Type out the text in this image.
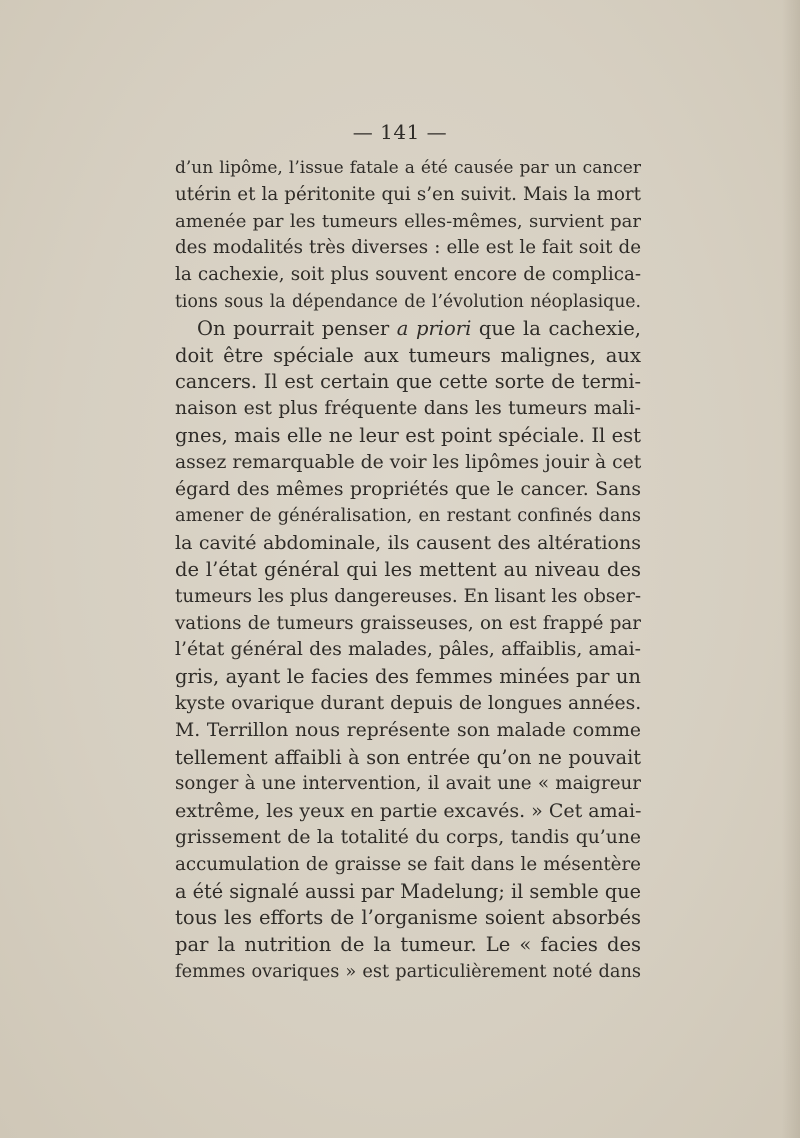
— 141 —
d’un lipôme, l’issue fatale a été causée par un cancer
utérin et la péritonite qui s’en suivit. Mais la mort
amenée par les tumeurs elles-mêmes, survient par
des modalités très diverses : elle est le fait soit de
la cachexie, soit plus souvent encore de complica-
tions sous la dépendance de l’évolution néoplasique.
On pourrait penser a priori que la cachexie,
doit être spéciale aux tumeurs malignes, aux
cancers. Il est certain que cette sorte de termi-
naison est plus fréquente dans les tumeurs mali-
gnes, mais elle ne leur est point spéciale. Il est
assez remarquable de voir les lipômes jouir à cet
égard des mêmes propriétés que le cancer. Sans
amener de généralisation, en restant confinés dans
la cavité abdominale, ils causent des altérations
de l’état général qui les mettent au niveau des
tumeurs les plus dangereuses. En lisant les obser-
vations de tumeurs graisseuses, on est frappé par
l’état général des malades, pâles, affaiblis, amai-
gris, ayant le facies des femmes minées par un
kyste ovarique durant depuis de longues années.
M. Terrillon nous représente son malade comme
tellement affaibli à son entrée qu’on ne pouvait
songer à une intervention, il avait une « maigreur
extrême, les yeux en partie excavés. » Cet amai-
grissement de la totalité du corps, tandis qu’une
accumulation de graisse se fait dans le mésentère
a été signalé aussi par Madelung; il semble que
tous les efforts de l’organisme soient absorbés
par la nutrition de la tumeur. Le « facies des
femmes ovariques » est particulièrement noté dans
